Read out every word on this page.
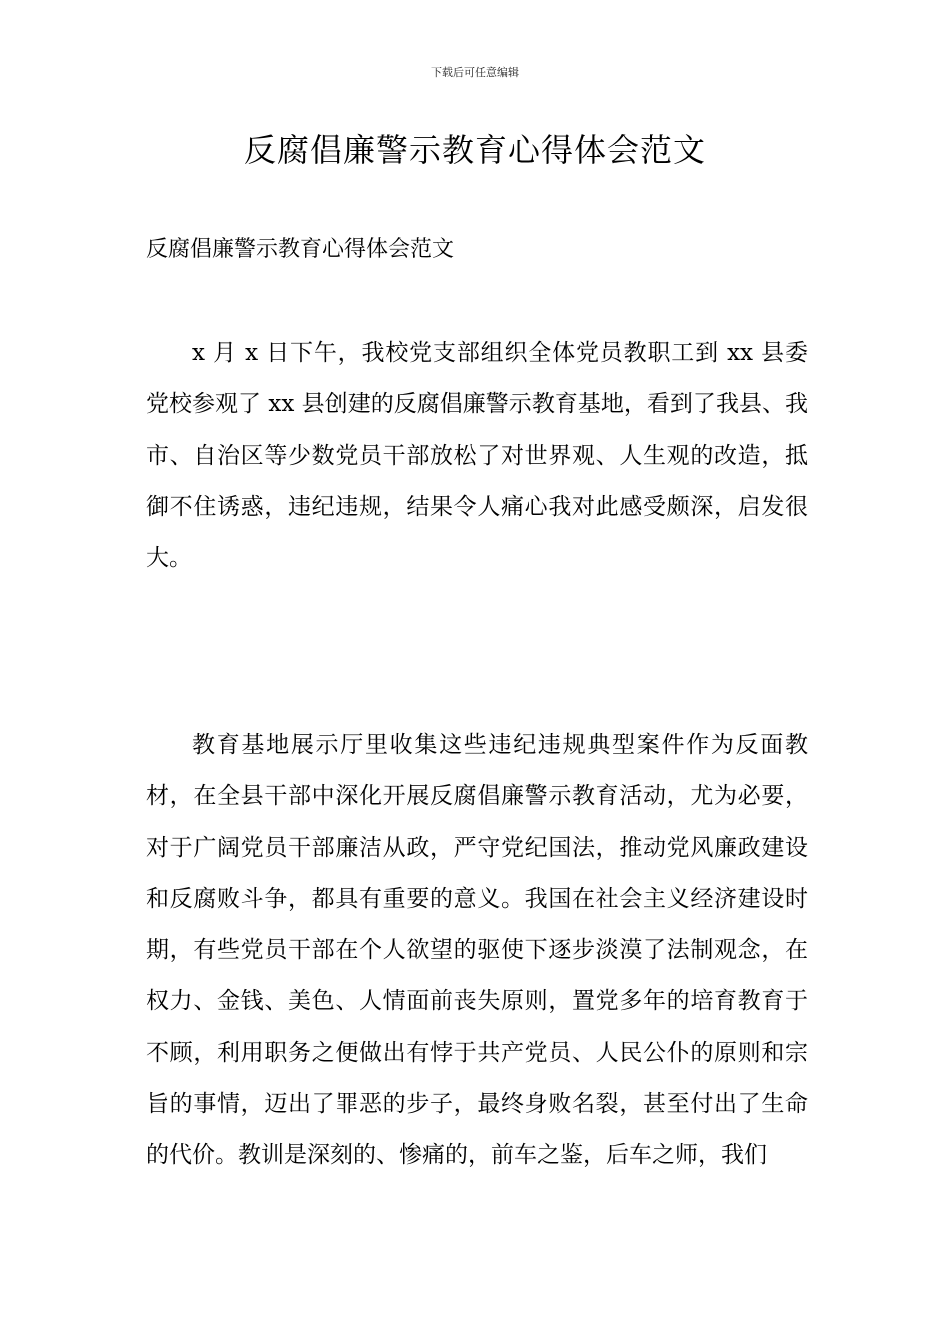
下载后可任意编辑
反腐倡廉警示教育心得体会范文
反腐倡廉警示教育心得体会范文

x 月 x 日下午，我校党支部组织全体党员教职工到 xx 县委党校参观了 xx 县创建的反腐倡廉警示教育基地，看到了我县、我市、自治区等少数党员干部放松了对世界观、人生观的改造，抵御不住诱惑，违纪违规，结果令人痛心我对此感受颇深，启发很大。

教育基地展示厅里收集这些违纪违规典型案件作为反面教材，在全县干部中深化开展反腐倡廉警示教育活动，尤为必要，对于广阔党员干部廉洁从政，严守党纪国法，推动党风廉政建设和反腐败斗争，都具有重要的意义。我国在社会主义经济建设时期，有些党员干部在个人欲望的驱使下逐步淡漠了法制观念，在权力、金钱、美色、人情面前丧失原则，置党多年的培育教育于不顾，利用职务之便做出有悖于共产党员、人民公仆的原则和宗旨的事情，迈出了罪恶的步子，最终身败名裂，甚至付出了生命的代价。教训是深刻的、惨痛的，前车之鉴，后车之师，我们
